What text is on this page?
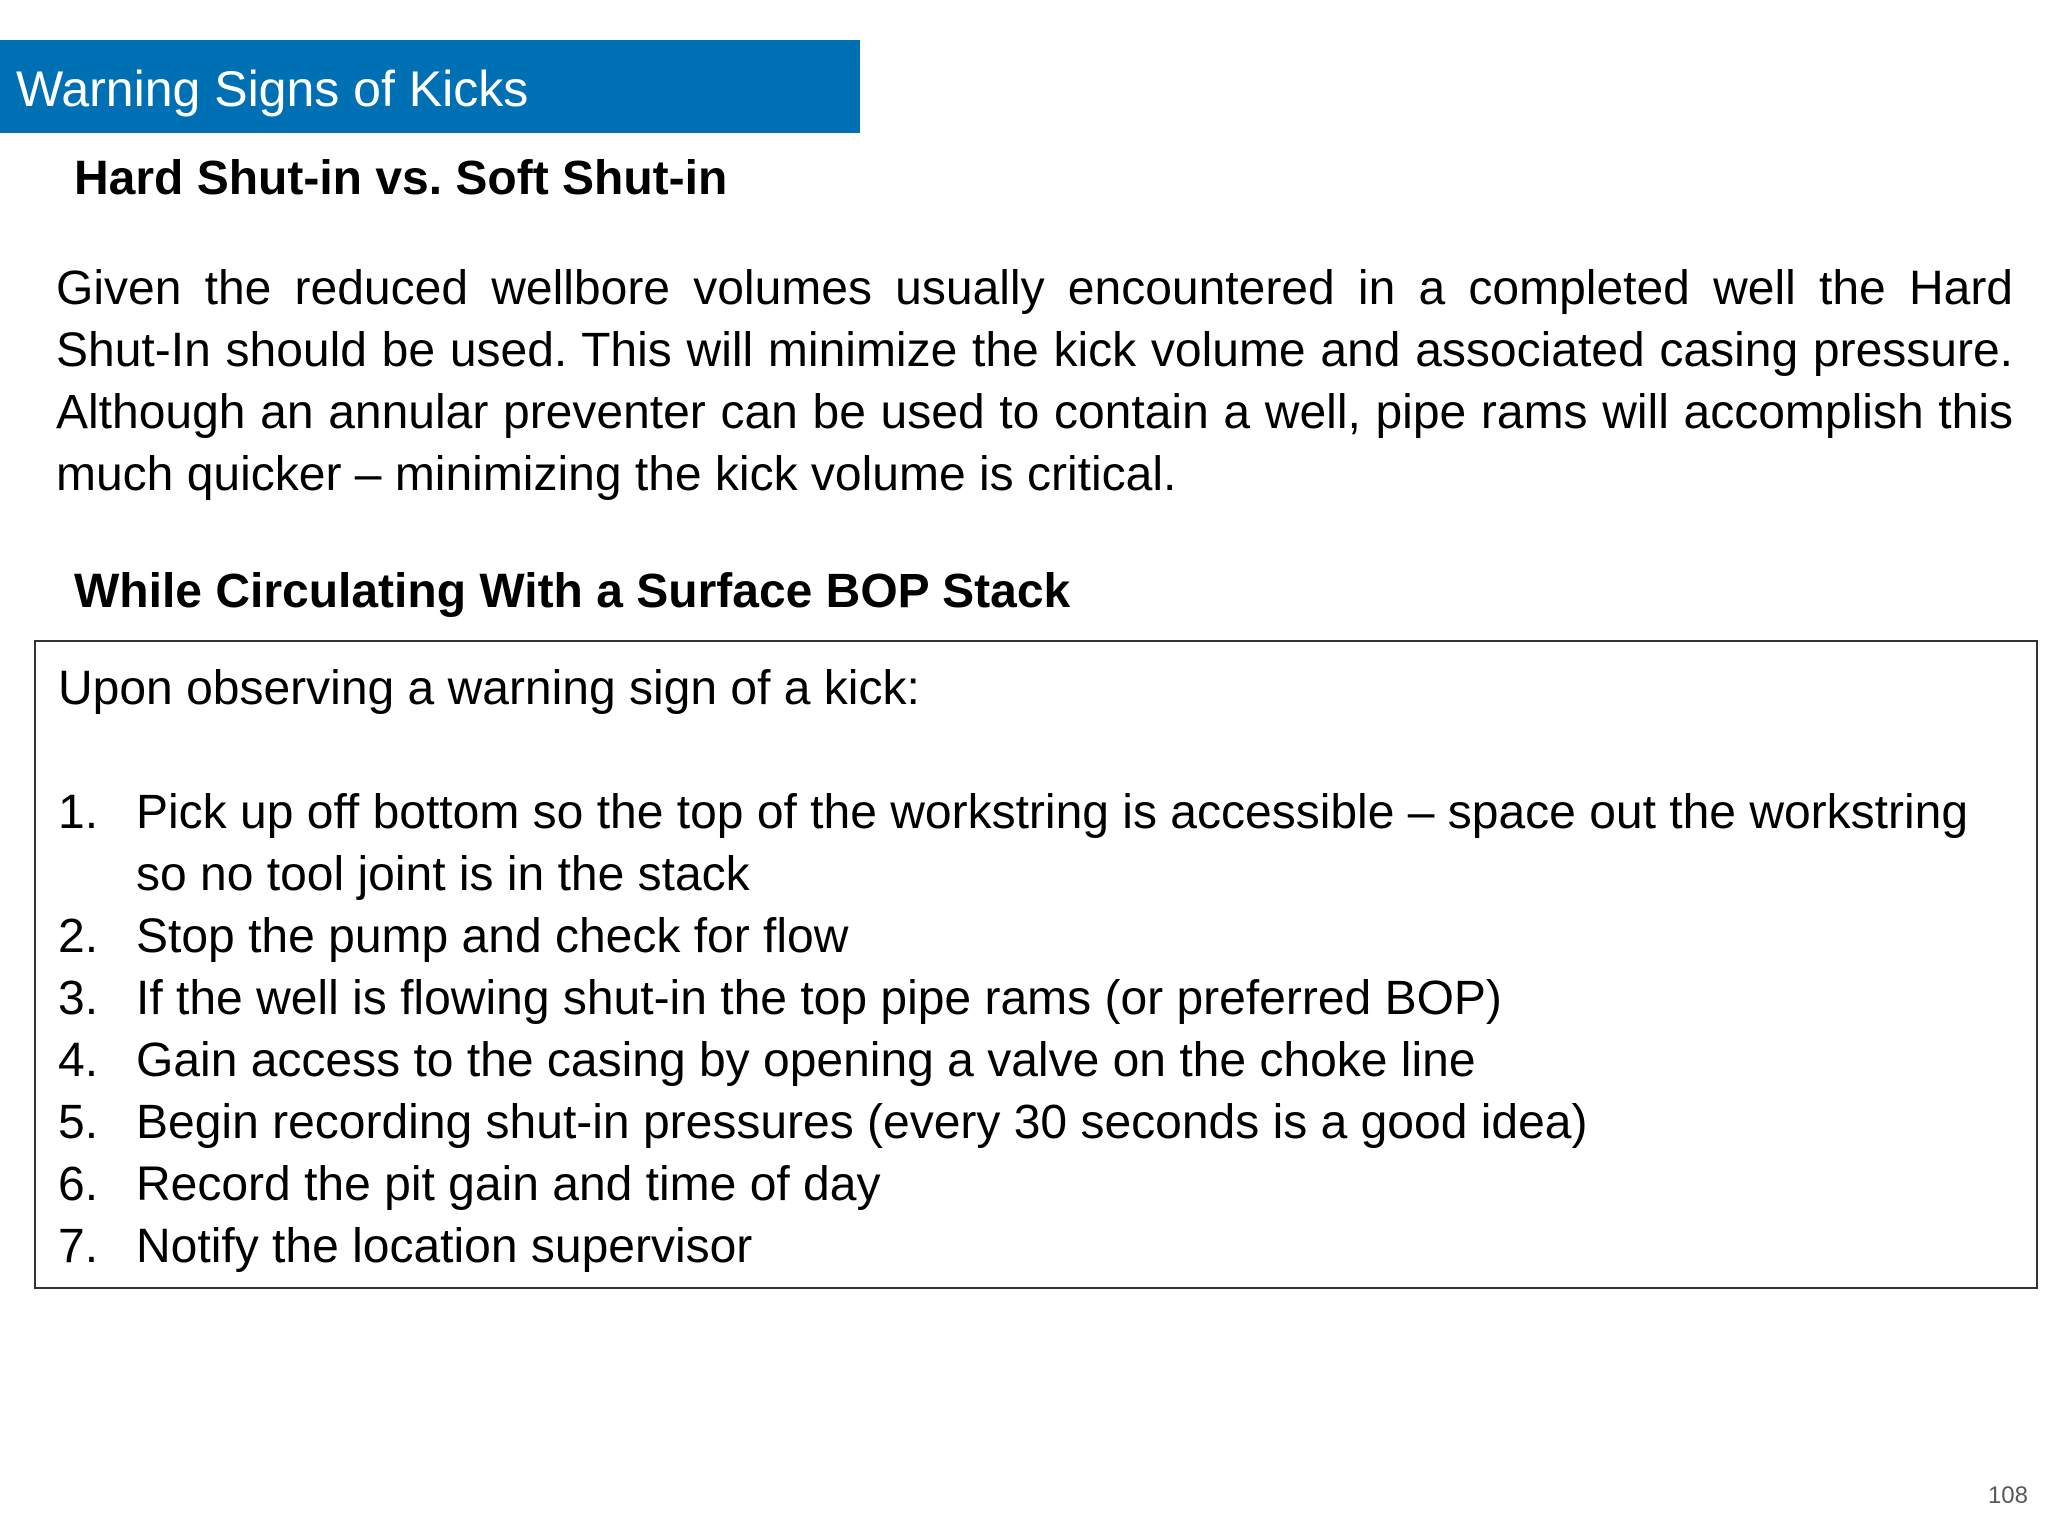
Warning Signs of Kicks
Hard Shut-in vs. Soft Shut-in

Given the reduced wellbore volumes usually encountered in a completed well the Hard Shut-In should be used. This will minimize the kick volume and associated casing pressure. Although an annular preventer can be used to contain a well, pipe rams will accomplish this much quicker – minimizing the kick volume is critical.

While Circulating With a Surface BOP Stack
Upon observing a warning sign of a kick:
1. Pick up off bottom so the top of the workstring is accessible – space out the workstring so no tool joint is in the stack
2. Stop the pump and check for flow
3. If the well is flowing shut-in the top pipe rams (or preferred BOP)
4. Gain access to the casing by opening a valve on the choke line
5. Begin recording shut-in pressures (every 30 seconds is a good idea)
6. Record the pit gain and time of day
7. Notify the location supervisor
108
